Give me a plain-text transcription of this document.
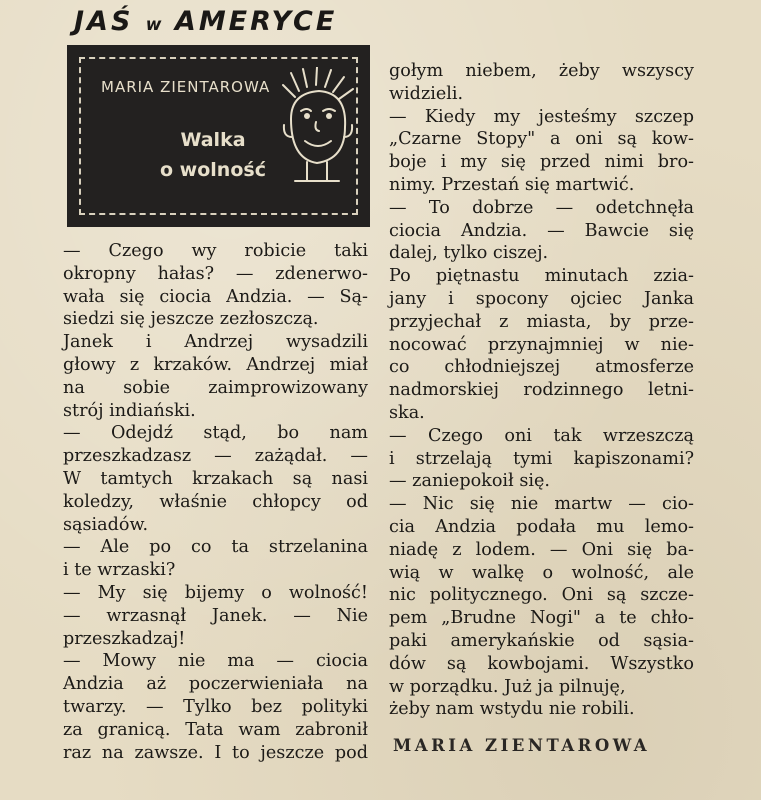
JAŚ w AMERYCE
MARIA ZIENTAROWA
Walka
o wolność
— Czego wy robicie taki
okropny hałas? — zdenerwo-
wała się ciocia Andzia. — Są-
siedzi się jeszcze zezłoszczą.
Janek i Andrzej wysadzili
głowy z krzaków. Andrzej miał
na sobie zaimprowizowany
strój indiański.
— Odejdź stąd, bo nam
przeszkadzasz — zażądał. —
W tamtych krzakach są nasi
koledzy, właśnie chłopcy od
sąsiadów.
— Ale po co ta strzelanina
i te wrzaski?
— My się bijemy o wolność!
— wrzasnął Janek. — Nie
przeszkadzaj!
— Mowy nie ma — ciocia
Andzia aż poczerwieniała na
twarzy. — Tylko bez polityki
za granicą. Tata wam zabronił
raz na zawsze. I to jeszcze pod
gołym niebem, żeby wszyscy
widzieli.
— Kiedy my jesteśmy szczep
„Czarne Stopy" a oni są kow-
boje i my się przed nimi bro-
nimy. Przestań się martwić.
— To dobrze — odetchnęła
ciocia Andzia. — Bawcie się
dalej, tylko ciszej.
Po piętnastu minutach zzia-
jany i spocony ojciec Janka
przyjechał z miasta, by prze-
nocować przynajmniej w nie-
co chłodniejszej atmosferze
nadmorskiej rodzinnego letni-
ska.
— Czego oni tak wrzeszczą
i strzelają tymi kapiszonami?
— zaniepokoił się.
— Nic się nie martw — cio-
cia Andzia podała mu lemo-
niadę z lodem. — Oni się ba-
wią w walkę o wolność, ale
nic politycznego. Oni są szcze-
pem „Brudne Nogi" a te chło-
paki amerykańskie od sąsia-
dów są kowbojami. Wszystko
w porządku. Już ja pilnuję,
żeby nam wstydu nie robili.
MARIA ZIENTAROWA
